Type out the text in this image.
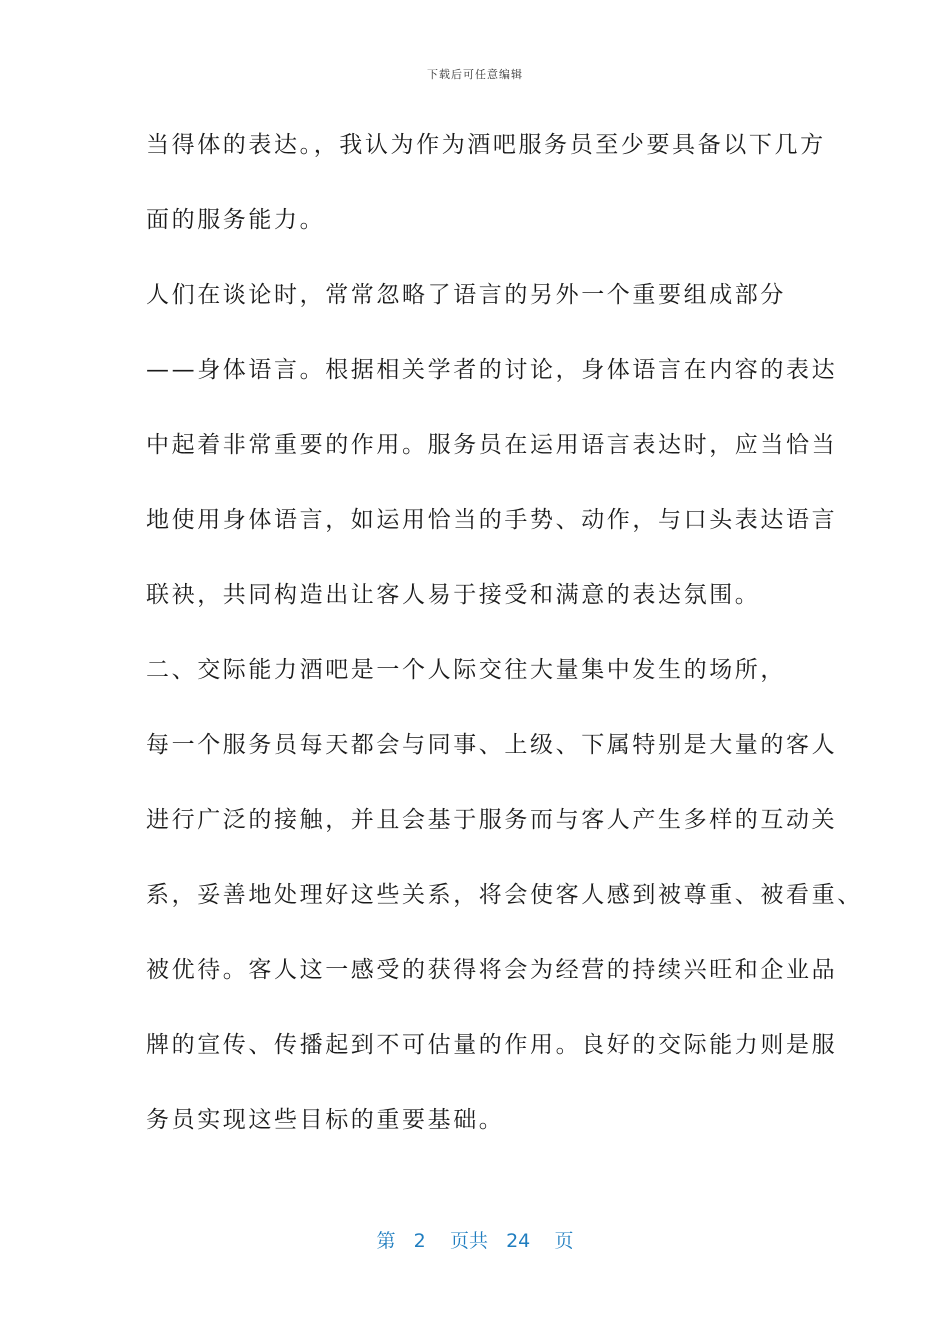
下载后可任意编辑
当得体的表达。，我认为作为酒吧服务员至少要具备以下几方
面的服务能力。
人们在谈论时，常常忽略了语言的另外一个重要组成部分
——身体语言。根据相关学者的讨论，身体语言在内容的表达
中起着非常重要的作用。服务员在运用语言表达时，应当恰当
地使用身体语言，如运用恰当的手势、动作，与口头表达语言
联袂，共同构造出让客人易于接受和满意的表达氛围。
二、交际能力酒吧是一个人际交往大量集中发生的场所，
每一个服务员每天都会与同事、上级、下属特别是大量的客人
进行广泛的接触，并且会基于服务而与客人产生多样的互动关
系，妥善地处理好这些关系，将会使客人感到被尊重、被看重、
被优待。客人这一感受的获得将会为经营的持续兴旺和企业品
牌的宣传、传播起到不可估量的作用。良好的交际能力则是服
务员实现这些目标的重要基础。
第 2 页共 24 页
